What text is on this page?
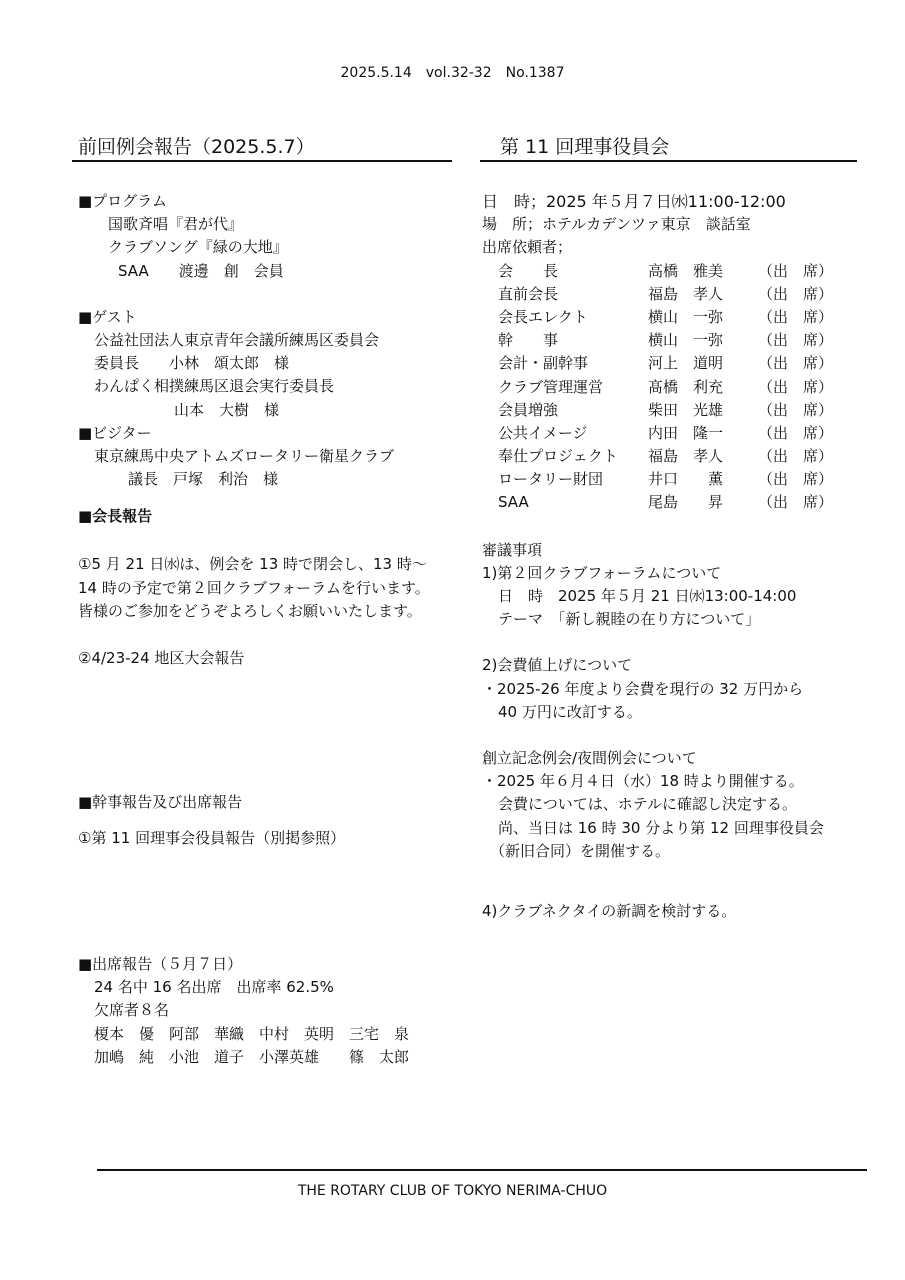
2025.5.14　vol.32-32　No.1387
前回例会報告（2025.5.7）	第 11 回理事役員会
■プログラム
国歌斉唱『君が代』
クラブソング『緑の大地』
SAA　　渡邊　創　会員
■ゲスト
公益社団法人東京青年会議所練馬区委員会
委員長　　小林　頌太郎　様
わんぱく相撲練馬区退会実行委員長
山本　大樹　様
■ビジター
東京練馬中央アトムズロータリー衛星クラブ
議長　戸塚　利治　様
■会長報告
①5 月 21 日㈬は、例会を 13 時で閉会し、13 時～14 時の予定で第２回クラブフォーラムを行います。皆様のご参加をどうぞよろしくお願いいたします。
②4/23-24 地区大会報告
■幹事報告及び出席報告
①第 11 回理事会役員報告（別掲参照）
■出席報告（５月７日）
24 名中 16 名出席　出席率 62.5%
欠席者８名
榎本　優　阿部　華織　中村　英明　三宅　泉
加嶋　純　小池　道子　小澤英雄　　篠　太郎
日　時；2025 年５月７日㈬11:00-12:00
場　所；ホテルカデンツァ東京　談話室
出席依頼者；
会　　長	高橋　雅美	（出　席）
直前会長	福島　孝人	（出　席）
会長エレクト	横山　一弥	（出　席）
幹　　事	横山　一弥	（出　席）
会計・副幹事	河上　道明	（出　席）
クラブ管理運営	髙橋　利充	（出　席）
会員増強	柴田　光雄	（出　席）
公共イメージ	内田　隆一	（出　席）
奉仕プロジェクト	福島　孝人	（出　席）
ロータリー財団	井口　　薫	（出　席）
SAA	尾島　　昇	（出　席）
審議事項
1)第２回クラブフォーラムについて
日　時　2025 年５月 21 日㈬13:00-14:00
テーマ　「新し親睦の在り方について」
2)会費値上げについて
・2025-26 年度より会費を現行の 32 万円から
40 万円に改訂する。
創立記念例会/夜間例会について
・2025 年６月４日（水）18 時より開催する。
会費については、ホテルに確認し決定する。
尚、当日は 16 時 30 分より第 12 回理事役員会
（新旧合同）を開催する。
4)クラブネクタイの新調を検討する。
THE ROTARY CLUB OF TOKYO NERIMA-CHUO
